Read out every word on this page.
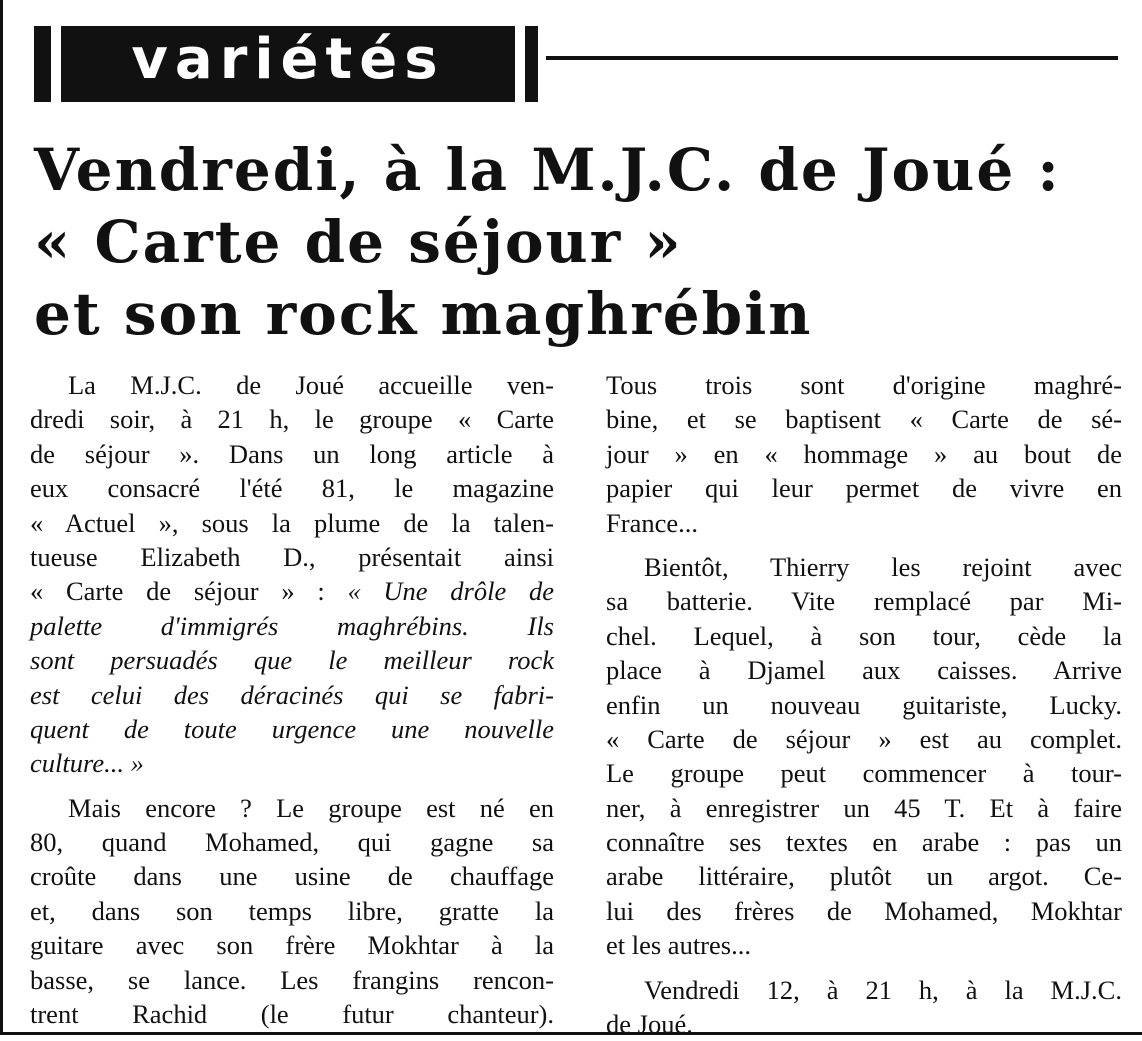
variétés
Vendredi, à la M.J.C. de Joué :
« Carte de séjour »
et son rock maghrébin
La M.J.C. de Joué accueille ven-
dredi soir, à 21 h, le groupe « Carte
de séjour ». Dans un long article à
eux consacré l'été 81, le magazine
« Actuel », sous la plume de la talen-
tueuse Elizabeth D., présentait ainsi
« Carte de séjour » : « Une drôle de
palette d'immigrés maghrébins. Ils
sont persuadés que le meilleur rock
est celui des déracinés qui se fabri-
quent de toute urgence une nouvelle
culture... »
Mais encore ? Le groupe est né en
80, quand Mohamed, qui gagne sa
croûte dans une usine de chauffage
et, dans son temps libre, gratte la
guitare avec son frère Mokhtar à la
basse, se lance. Les frangins rencon-
trent Rachid (le futur chanteur).
Tous trois sont d'origine maghré-
bine, et se baptisent « Carte de sé-
jour » en « hommage » au bout de
papier qui leur permet de vivre en
France...
Bientôt, Thierry les rejoint avec
sa batterie. Vite remplacé par Mi-
chel. Lequel, à son tour, cède la
place à Djamel aux caisses. Arrive
enfin un nouveau guitariste, Lucky.
« Carte de séjour » est au complet.
Le groupe peut commencer à tour-
ner, à enregistrer un 45 T. Et à faire
connaître ses textes en arabe : pas un
arabe littéraire, plutôt un argot. Ce-
lui des frères de Mohamed, Mokhtar
et les autres...
Vendredi 12, à 21 h, à la M.J.C.
de Joué.
